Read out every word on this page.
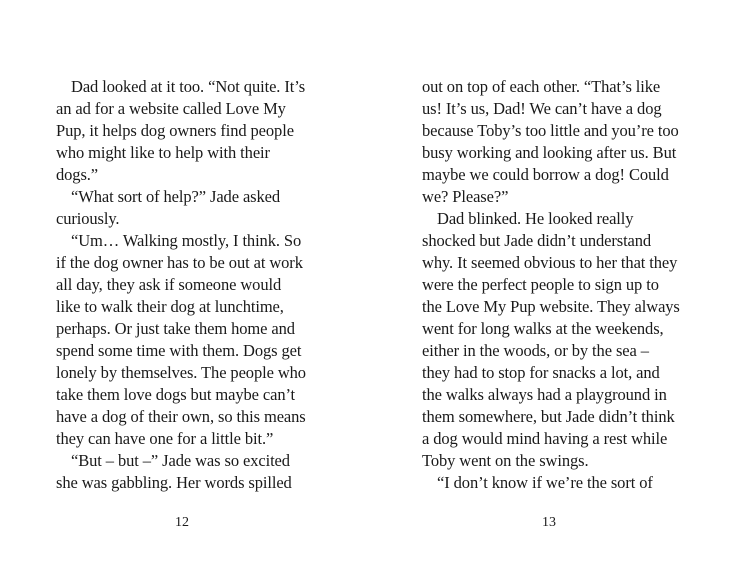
Dad looked at it too. “Not quite. It’s
an ad for a website called Love My
Pup, it helps dog owners find people
who might like to help with their
dogs.”
“What sort of help?” Jade asked
curiously.
“Um… Walking mostly, I think. So
if the dog owner has to be out at work
all day, they ask if someone would
like to walk their dog at lunchtime,
perhaps. Or just take them home and
spend some time with them. Dogs get
lonely by themselves. The people who
take them love dogs but maybe can’t
have a dog of their own, so this means
they can have one for a little bit.”
“But – but –” Jade was so excited
she was gabbling. Her words spilled
12
out on top of each other. “That’s like
us! It’s us, Dad! We can’t have a dog
because Toby’s too little and you’re too
busy working and looking after us. But
maybe we could borrow a dog! Could
we? Please?”
Dad blinked. He looked really
shocked but Jade didn’t understand
why. It seemed obvious to her that they
were the perfect people to sign up to
the Love My Pup website. They always
went for long walks at the weekends,
either in the woods, or by the sea –
they had to stop for snacks a lot, and
the walks always had a playground in
them somewhere, but Jade didn’t think
a dog would mind having a rest while
Toby went on the swings.
“I don’t know if we’re the sort of
13
